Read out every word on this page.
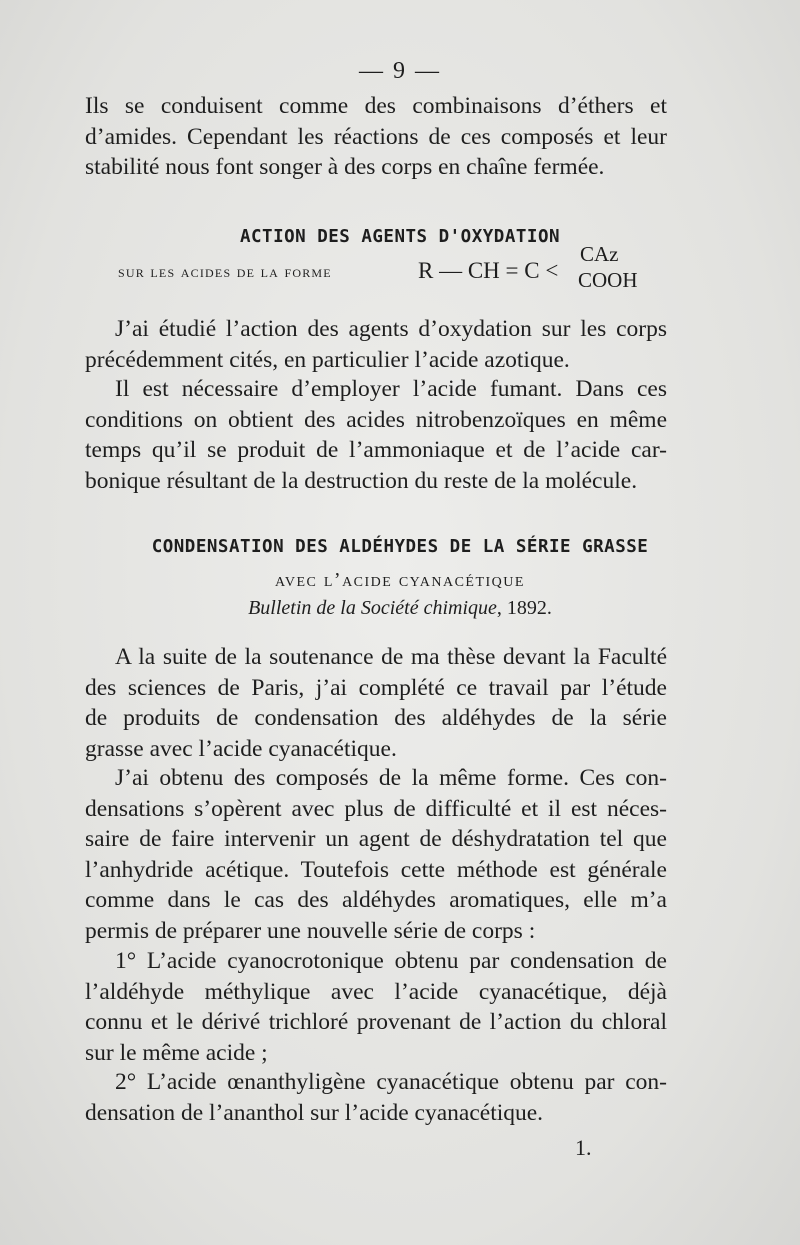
— 9 —
Ils se conduisent comme des combinaisons d’éthers et
d’amides. Cependant les réactions de ces composés et leur
stabilité nous font songer à des corps en chaîne fermée.
ACTION DES AGENTS D'OXYDATION
sur les acides de la forme	R — CH = C <
CAz
COOH
J’ai étudié l’action des agents d’oxydation sur les corps
précédemment cités, en particulier l’acide azotique.
Il est nécessaire d’employer l’acide fumant. Dans ces
conditions on obtient des acides nitrobenzoïques en même
temps qu’il se produit de l’ammoniaque et de l’acide car-
bonique résultant de la destruction du reste de la molécule.
CONDENSATION DES ALDÉHYDES DE LA SÉRIE GRASSE
avec l’acide cyanacétique
Bulletin de la Société chimique, 1892.
A la suite de la soutenance de ma thèse devant la Faculté
des sciences de Paris, j’ai complété ce travail par l’étude
de produits de condensation des aldéhydes de la série
grasse avec l’acide cyanacétique.
J’ai obtenu des composés de la même forme. Ces con-
densations s’opèrent avec plus de difficulté et il est néces-
saire de faire intervenir un agent de déshydratation tel que
l’anhydride acétique. Toutefois cette méthode est générale
comme dans le cas des aldéhydes aromatiques, elle m’a
permis de préparer une nouvelle série de corps :
1° L’acide cyanocrotonique obtenu par condensation de
l’aldéhyde méthylique avec l’acide cyanacétique, déjà
connu et le dérivé trichloré provenant de l’action du chloral
sur le même acide ;
2° L’acide œnanthyligène cyanacétique obtenu par con-
densation de l’ananthol sur l’acide cyanacétique.
1.
